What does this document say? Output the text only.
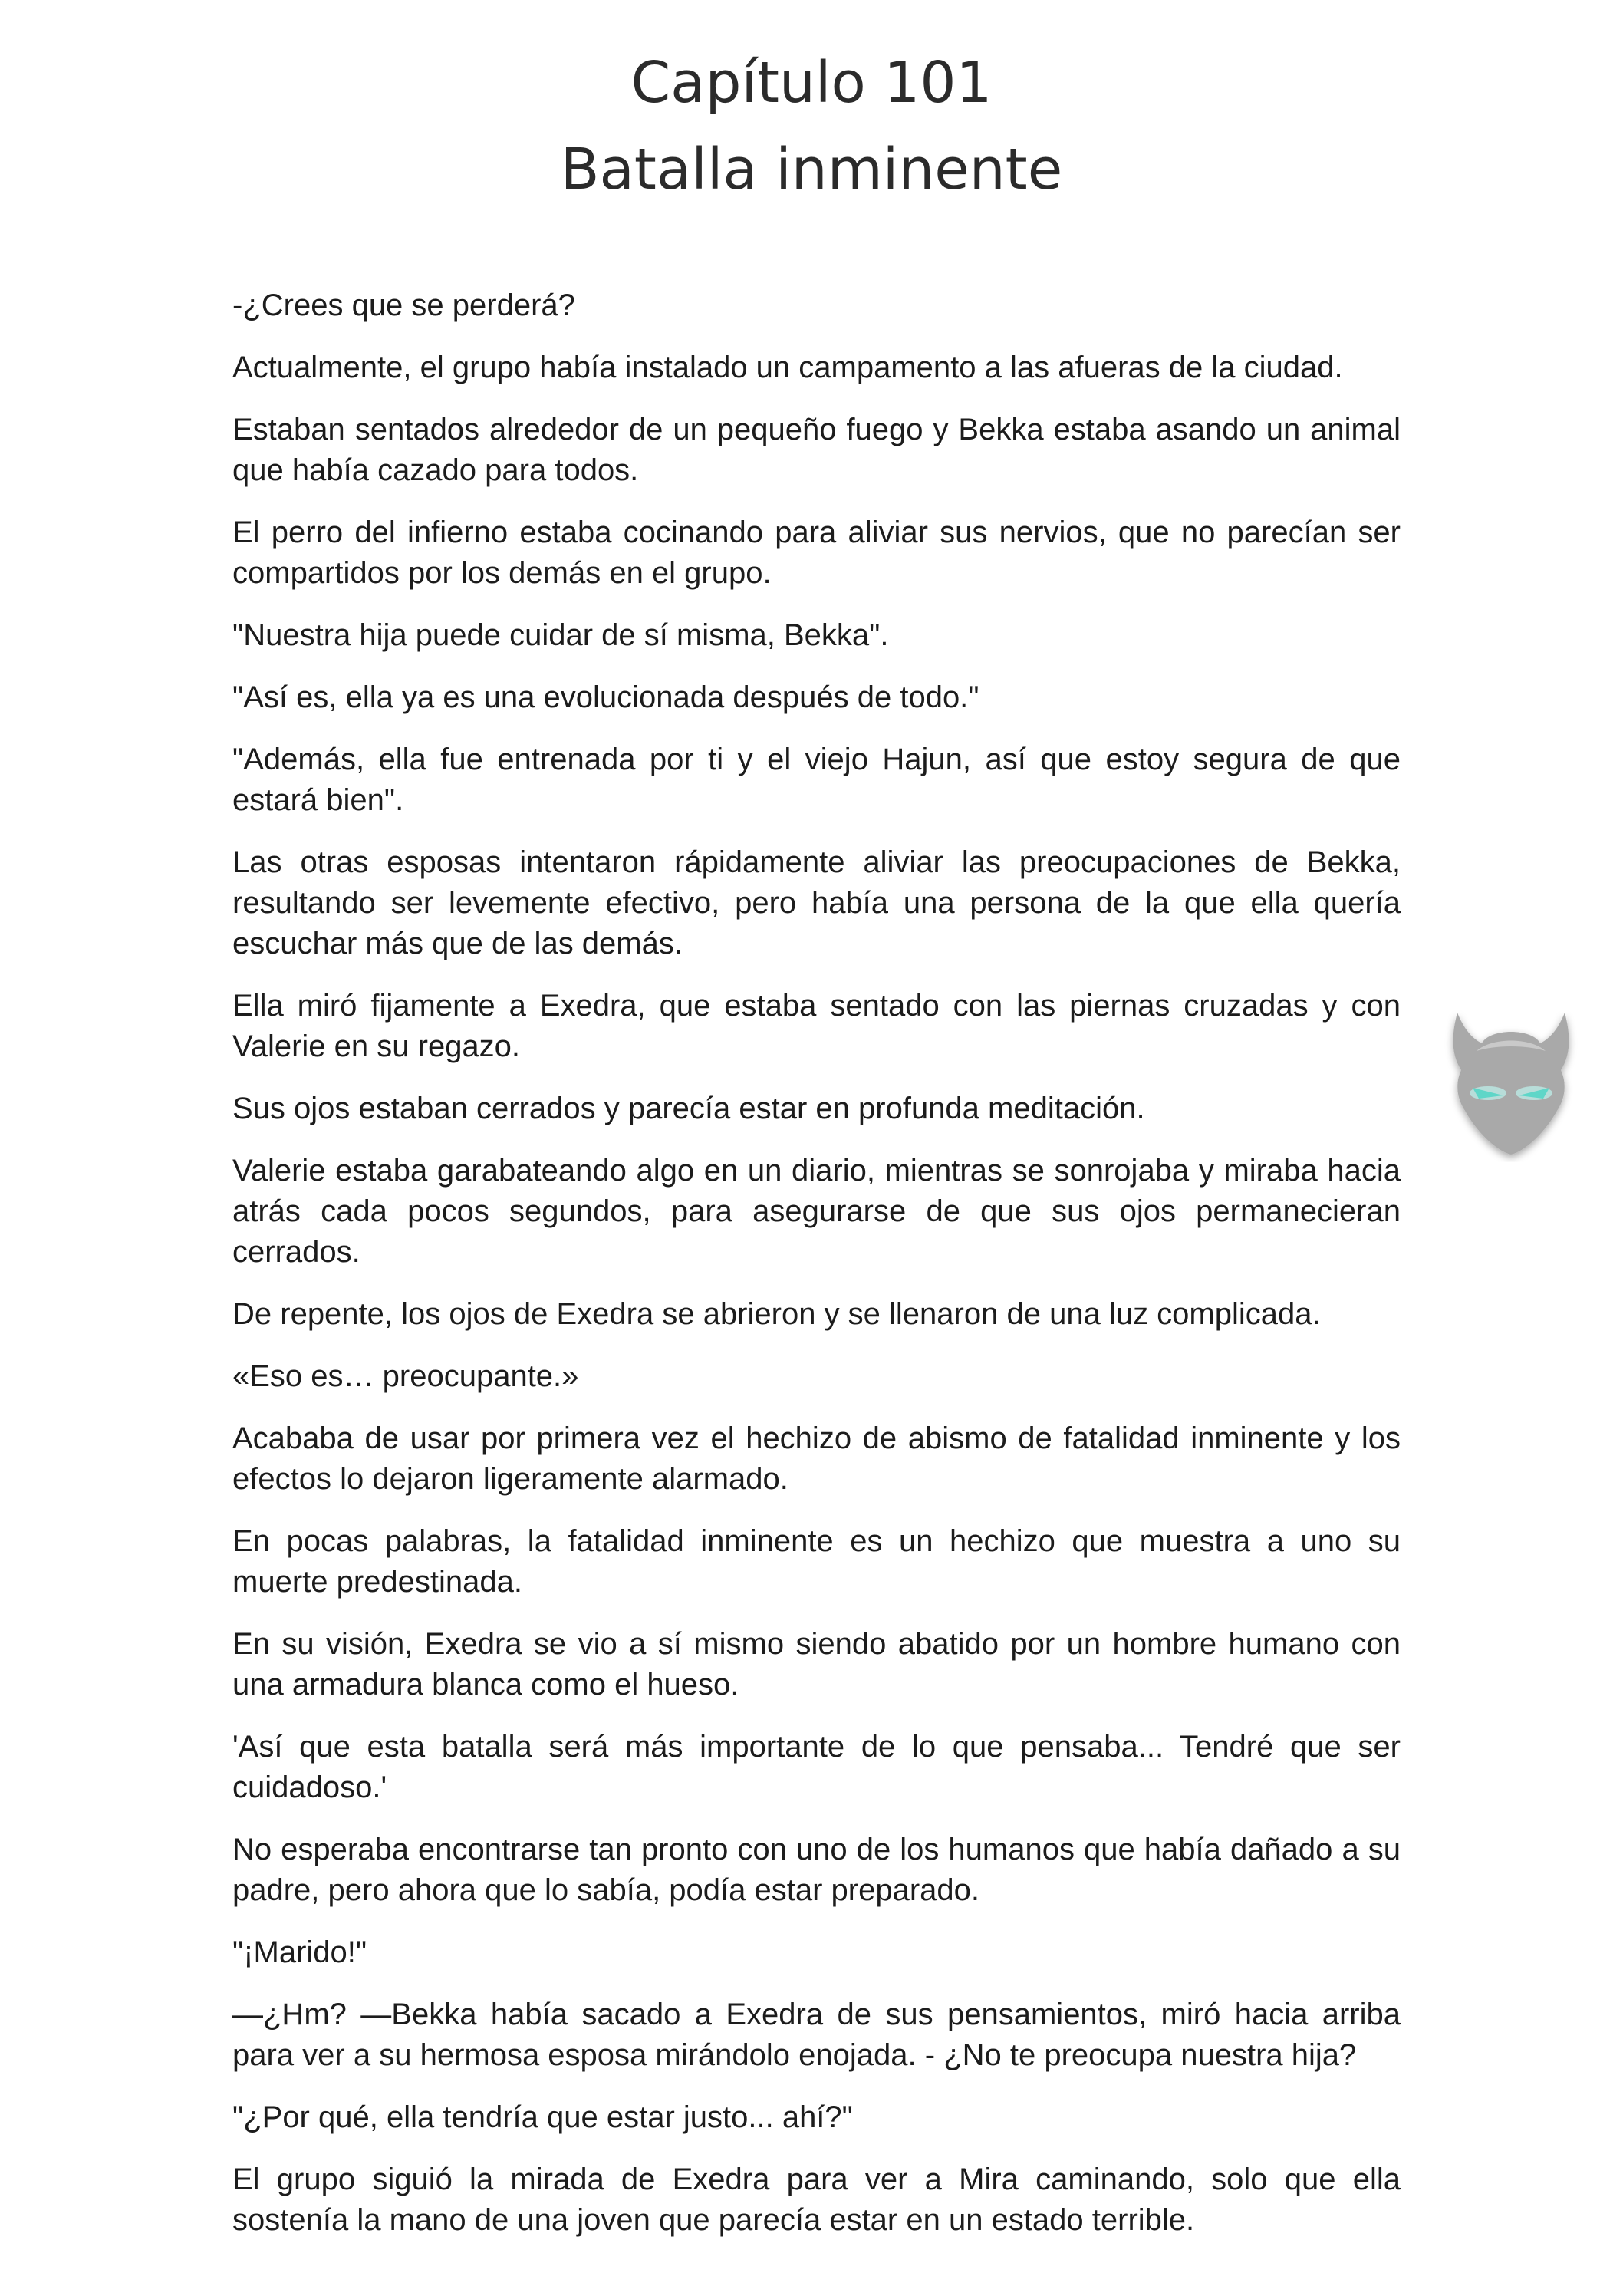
Capítulo 101

Batalla inminente

-¿Crees que se perderá?

Actualmente, el grupo había instalado un campamento a las afueras de la ciudad.

Estaban sentados alrededor de un pequeño fuego y Bekka estaba asando un animal que había cazado para todos.

El perro del infierno estaba cocinando para aliviar sus nervios, que no parecían ser compartidos por los demás en el grupo.

"Nuestra hija puede cuidar de sí misma, Bekka".

"Así es, ella ya es una evolucionada después de todo."

"Además, ella fue entrenada por ti y el viejo Hajun, así que estoy segura de que estará bien".

Las otras esposas intentaron rápidamente aliviar las preocupaciones de Bekka, resultando ser levemente efectivo, pero había una persona de la que ella quería escuchar más que de las demás.

Ella miró fijamente a Exedra, que estaba sentado con las piernas cruzadas y con Valerie en su regazo.

Sus ojos estaban cerrados y parecía estar en profunda meditación.

Valerie estaba garabateando algo en un diario, mientras se sonrojaba y miraba hacia atrás cada pocos segundos, para asegurarse de que sus ojos permanecieran cerrados.

De repente, los ojos de Exedra se abrieron y se llenaron de una luz complicada.

«Eso es… preocupante.»

Acababa de usar por primera vez el hechizo de abismo de fatalidad inminente y los efectos lo dejaron ligeramente alarmado.

En pocas palabras, la fatalidad inminente es un hechizo que muestra a uno su muerte predestinada.

En su visión, Exedra se vio a sí mismo siendo abatido por un hombre humano con una armadura blanca como el hueso.

'Así que esta batalla será más importante de lo que pensaba... Tendré que ser cuidadoso.'

No esperaba encontrarse tan pronto con uno de los humanos que había dañado a su padre, pero ahora que lo sabía, podía estar preparado.

"¡Marido!"

—¿Hm? —Bekka había sacado a Exedra de sus pensamientos, miró hacia arriba para ver a su hermosa esposa mirándolo enojada. - ¿No te preocupa nuestra hija?

"¿Por qué, ella tendría que estar justo... ahí?"

El grupo siguió la mirada de Exedra para ver a Mira caminando, solo que ella sostenía la mano de una joven que parecía estar en un estado terrible.
